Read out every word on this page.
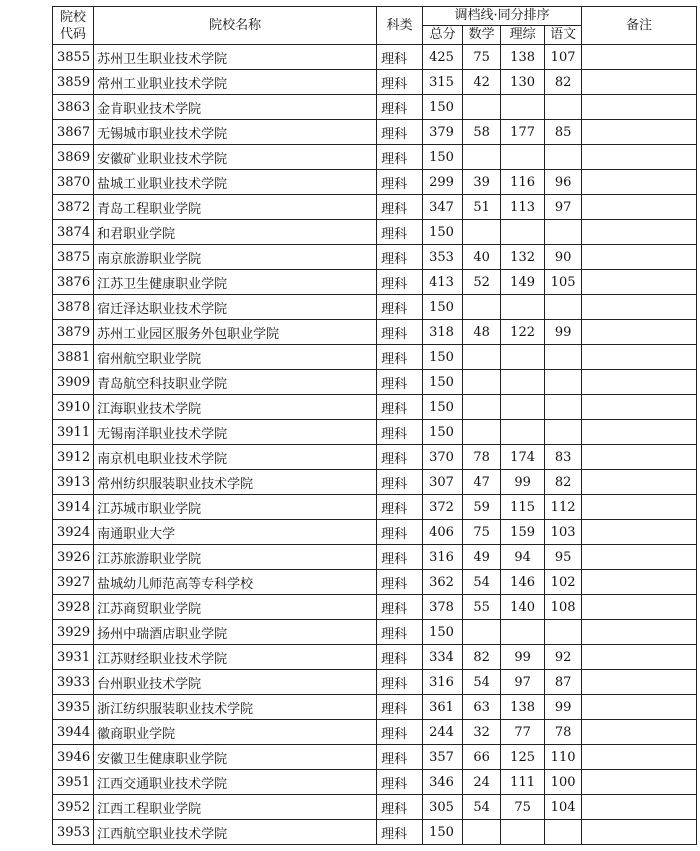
院校
代码	院校名称	科类	调档线·同分排序				备注
			总分	数学	理综	语文	
3855	苏州卫生职业技术学院	理科	425	75	138	107	
3859	常州工业职业技术学院	理科	315	42	130	82	
3863	金肯职业技术学院	理科	150				
3867	无锡城市职业技术学院	理科	379	58	177	85	
3869	安徽矿业职业技术学院	理科	150				
3870	盐城工业职业技术学院	理科	299	39	116	96	
3872	青岛工程职业学院	理科	347	51	113	97	
3874	和君职业学院	理科	150				
3875	南京旅游职业学院	理科	353	40	132	90	
3876	江苏卫生健康职业学院	理科	413	52	149	105	
3878	宿迁泽达职业技术学院	理科	150				
3879	苏州工业园区服务外包职业学院	理科	318	48	122	99	
3881	宿州航空职业学院	理科	150				
3909	青岛航空科技职业学院	理科	150				
3910	江海职业技术学院	理科	150				
3911	无锡南洋职业技术学院	理科	150				
3912	南京机电职业技术学院	理科	370	78	174	83	
3913	常州纺织服装职业技术学院	理科	307	47	99	82	
3914	江苏城市职业学院	理科	372	59	115	112	
3924	南通职业大学	理科	406	75	159	103	
3926	江苏旅游职业学院	理科	316	49	94	95	
3927	盐城幼儿师范高等专科学校	理科	362	54	146	102	
3928	江苏商贸职业学院	理科	378	55	140	108	
3929	扬州中瑞酒店职业学院	理科	150				
3931	江苏财经职业技术学院	理科	334	82	99	92	
3933	台州职业技术学院	理科	316	54	97	87	
3935	浙江纺织服装职业技术学院	理科	361	63	138	99	
3944	徽商职业学院	理科	244	32	77	78	
3946	安徽卫生健康职业学院	理科	357	66	125	110	
3951	江西交通职业技术学院	理科	346	24	111	100	
3952	江西工程职业学院	理科	305	54	75	104	
3953	江西航空职业技术学院	理科	150				
